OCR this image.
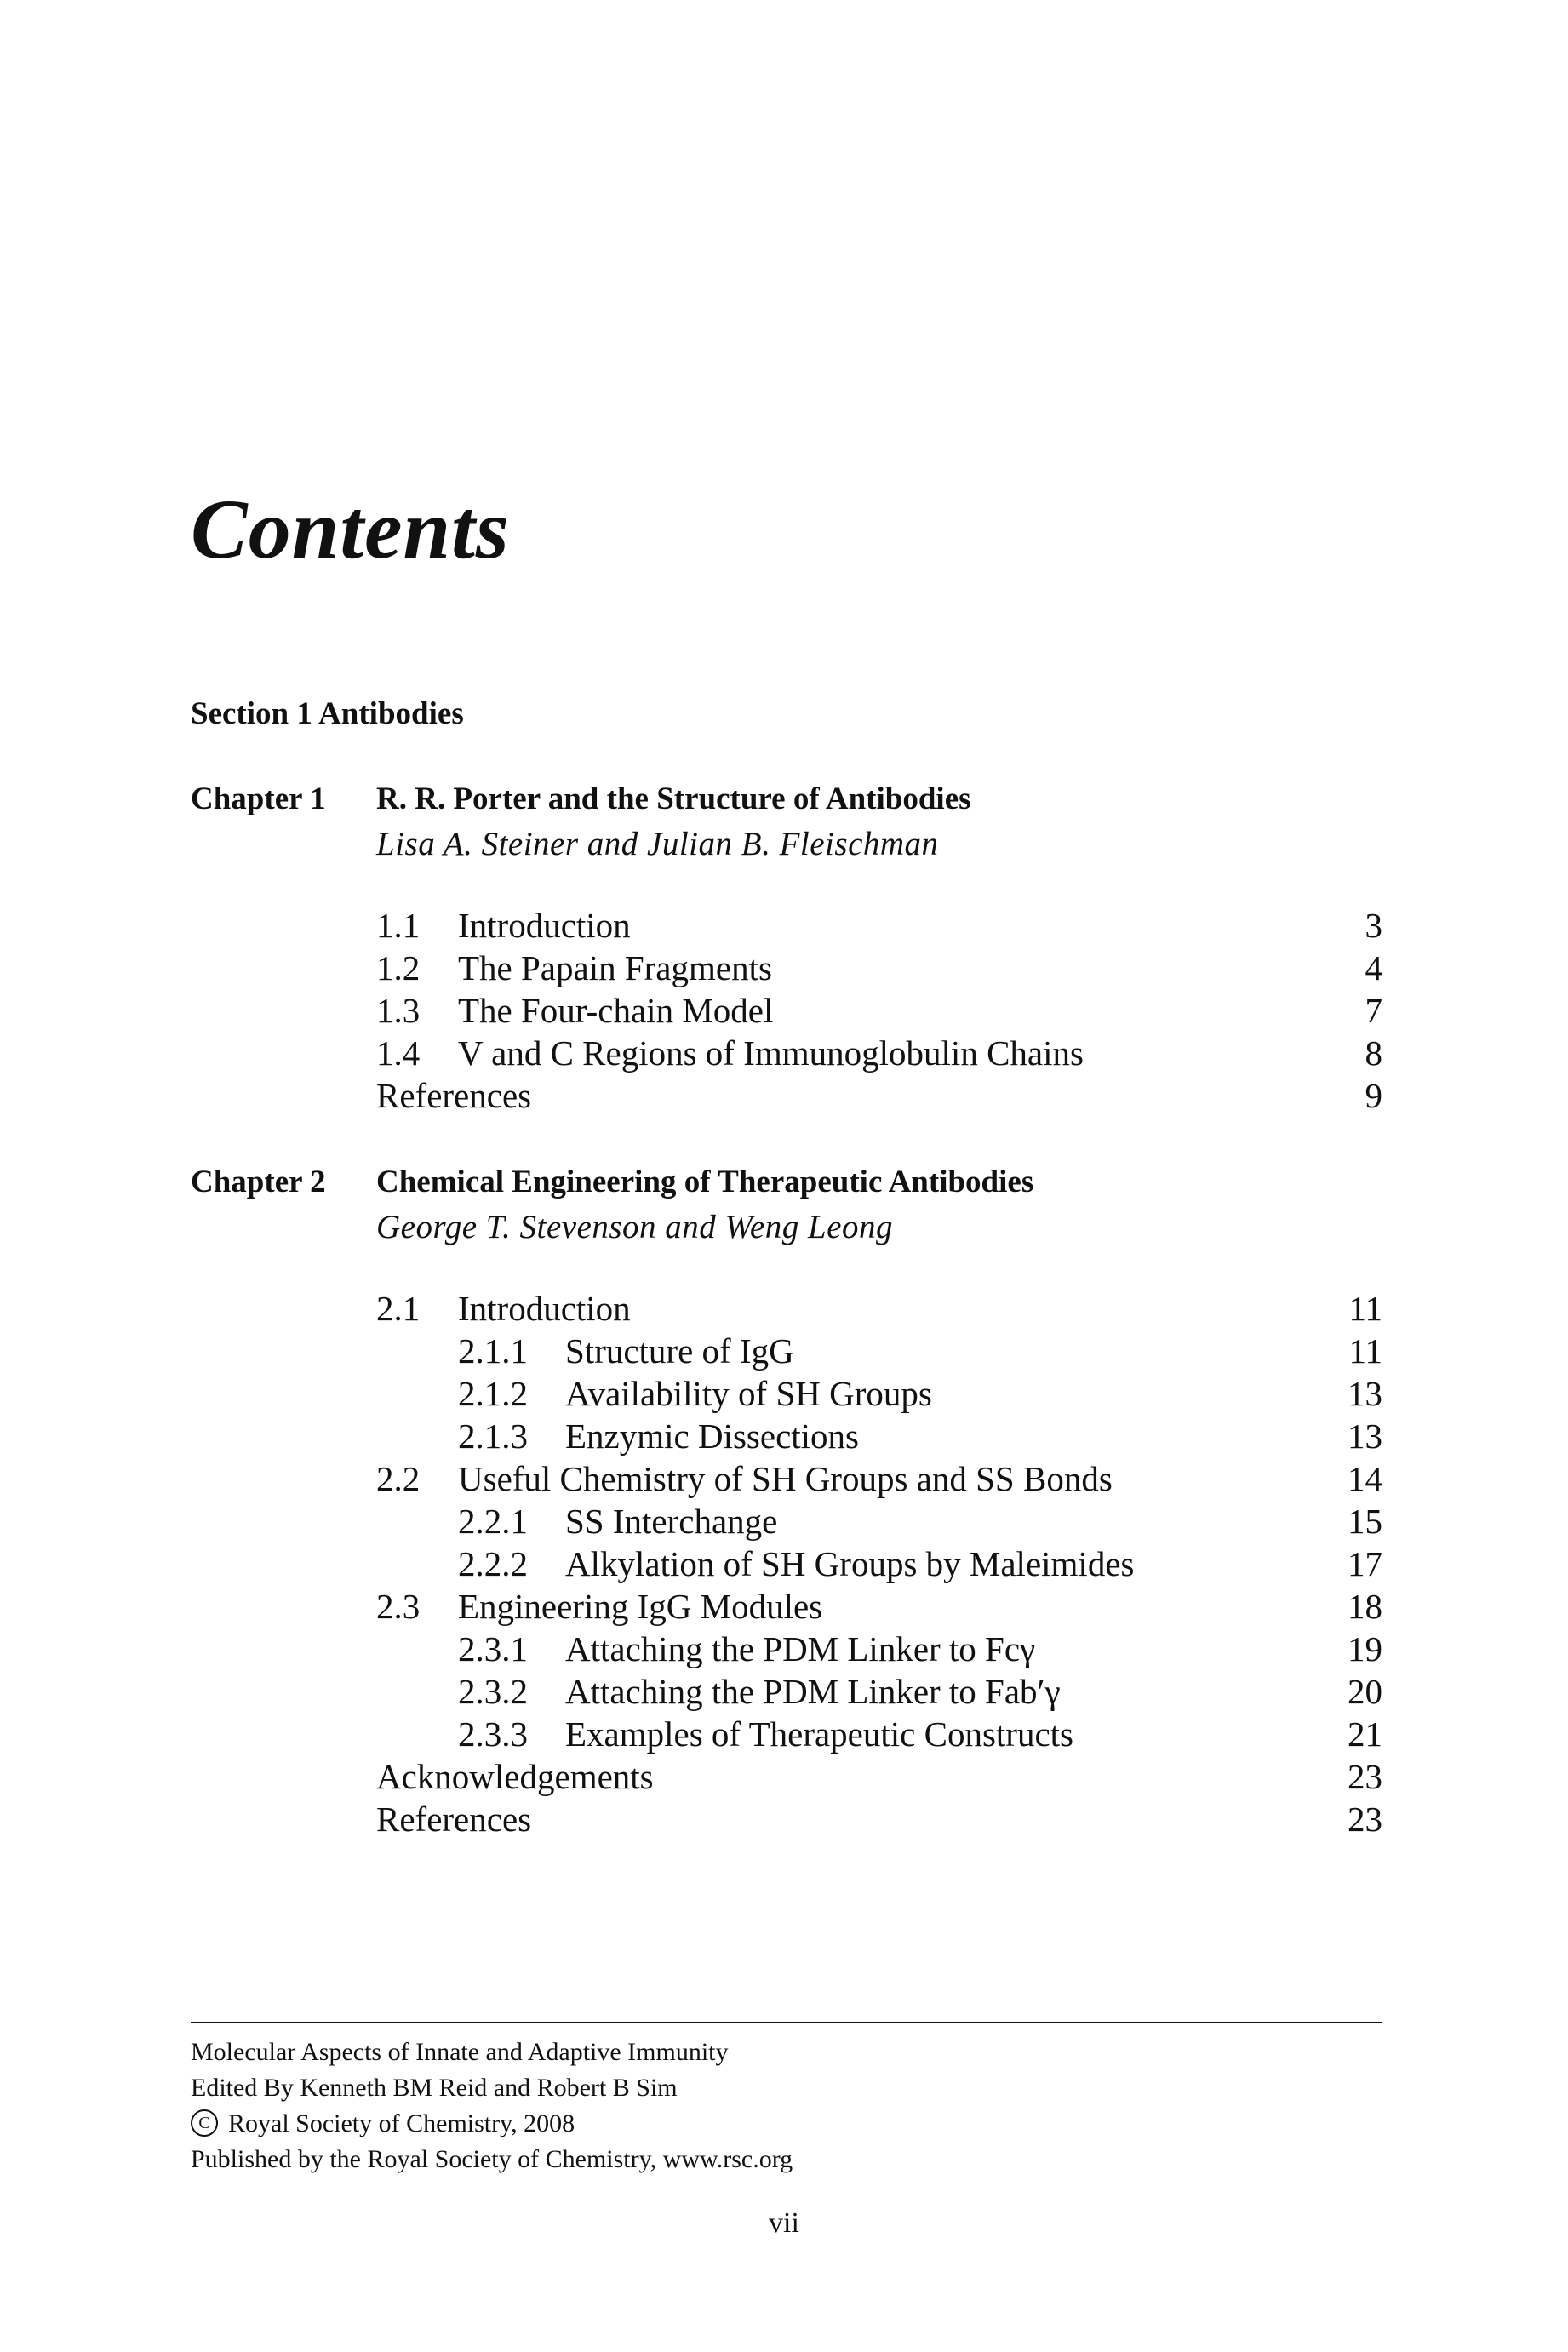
Contents
Section 1 Antibodies
Chapter 1 R. R. Porter and the Structure of Antibodies
Lisa A. Steiner and Julian B. Fleischman
1.1 Introduction	3
1.2 The Papain Fragments	4
1.3 The Four-chain Model	7
1.4 V and C Regions of Immunoglobulin Chains	8
References	9
Chapter 2 Chemical Engineering of Therapeutic Antibodies
George T. Stevenson and Weng Leong
2.1 Introduction	11
2.1.1 Structure of IgG	11
2.1.2 Availability of SH Groups	13
2.1.3 Enzymic Dissections	13
2.2 Useful Chemistry of SH Groups and SS Bonds	14
2.2.1 SS Interchange	15
2.2.2 Alkylation of SH Groups by Maleimides	17
2.3 Engineering IgG Modules	18
2.3.1 Attaching the PDM Linker to Fcγ	19
2.3.2 Attaching the PDM Linker to Fab′γ	20
2.3.3 Examples of Therapeutic Constructs	21
Acknowledgements	23
References	23
Molecular Aspects of Innate and Adaptive Immunity
Edited By Kenneth BM Reid and Robert B Sim
C Royal Society of Chemistry, 2008
Published by the Royal Society of Chemistry, www.rsc.org
vii
